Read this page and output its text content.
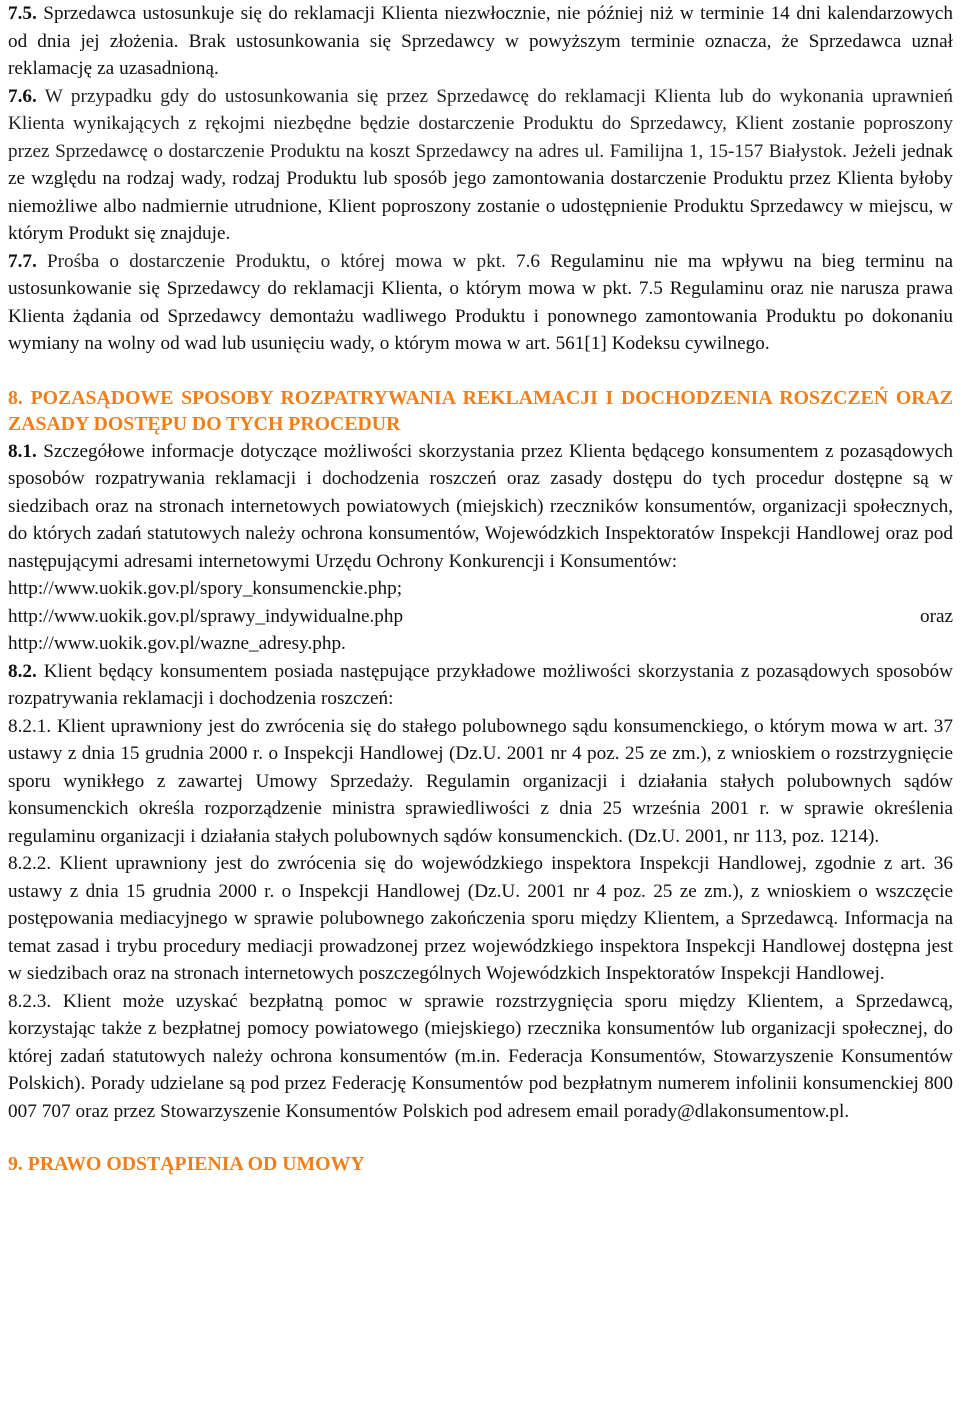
7.5. Sprzedawca ustosunkuje się do reklamacji Klienta niezwłocznie, nie później niż w terminie 14 dni kalendarzowych od dnia jej złożenia. Brak ustosunkowania się Sprzedawcy w powyższym terminie oznacza, że Sprzedawca uznał reklamację za uzasadnioną.

7.6. W przypadku gdy do ustosunkowania się przez Sprzedawcę do reklamacji Klienta lub do wykonania uprawnień Klienta wynikających z rękojmi niezbędne będzie dostarczenie Produktu do Sprzedawcy, Klient zostanie poproszony przez Sprzedawcę o dostarczenie Produktu na koszt Sprzedawcy na adres ul. Familijna 1, 15-157 Białystok. Jeżeli jednak ze względu na rodzaj wady, rodzaj Produktu lub sposób jego zamontowania dostarczenie Produktu przez Klienta byłoby niemożliwe albo nadmiernie utrudnione, Klient poproszony zostanie o udostępnienie Produktu Sprzedawcy w miejscu, w którym Produkt się znajduje.

7.7. Prośba o dostarczenie Produktu, o której mowa w pkt. 7.6 Regulaminu nie ma wpływu na bieg terminu na ustosunkowanie się Sprzedawcy do reklamacji Klienta, o którym mowa w pkt. 7.5 Regulaminu oraz nie narusza prawa Klienta żądania od Sprzedawcy demontażu wadliwego Produktu i ponownego zamontowania Produktu po dokonaniu wymiany na wolny od wad lub usunięciu wady, o którym mowa w art. 561[1] Kodeksu cywilnego.

8. POZASĄDOWE SPOSOBY ROZPATRYWANIA REKLAMACJI I DOCHODZENIA ROSZCZEŃ ORAZ ZASADY DOSTĘPU DO TYCH PROCEDUR

8.1. Szczegółowe informacje dotyczące możliwości skorzystania przez Klienta będącego konsumentem z pozasądowych sposobów rozpatrywania reklamacji i dochodzenia roszczeń oraz zasady dostępu do tych procedur dostępne są w siedzibach oraz na stronach internetowych powiatowych (miejskich) rzeczników konsumentów, organizacji społecznych, do których zadań statutowych należy ochrona konsumentów, Wojewódzkich Inspektoratów Inspekcji Handlowej oraz pod następującymi adresami internetowymi Urzędu Ochrony Konkurencji i Konsumentów:

http://www.uokik.gov.pl/spory_konsumenckie.php;
http://www.uokik.gov.pl/sprawy_indywidualne.php	oraz
http://www.uokik.gov.pl/wazne_adresy.php.

8.2. Klient będący konsumentem posiada następujące przykładowe możliwości skorzystania z pozasądowych sposobów rozpatrywania reklamacji i dochodzenia roszczeń:

8.2.1. Klient uprawniony jest do zwrócenia się do stałego polubownego sądu konsumenckiego, o którym mowa w art. 37 ustawy z dnia 15 grudnia 2000 r. o Inspekcji Handlowej (Dz.U. 2001 nr 4 poz. 25 ze zm.), z wnioskiem o rozstrzygnięcie sporu wynikłego z zawartej Umowy Sprzedaży. Regulamin organizacji i działania stałych polubownych sądów konsumenckich określa rozporządzenie ministra sprawiedliwości z dnia 25 września 2001 r. w sprawie określenia regulaminu organizacji i działania stałych polubownych sądów konsumenckich. (Dz.U. 2001, nr 113, poz. 1214).

8.2.2. Klient uprawniony jest do zwrócenia się do wojewódzkiego inspektora Inspekcji Handlowej, zgodnie z art. 36 ustawy z dnia 15 grudnia 2000 r. o Inspekcji Handlowej (Dz.U. 2001 nr 4 poz. 25 ze zm.), z wnioskiem o wszczęcie postępowania mediacyjnego w sprawie polubownego zakończenia sporu między Klientem, a Sprzedawcą. Informacja na temat zasad i trybu procedury mediacji prowadzonej przez wojewódzkiego inspektora Inspekcji Handlowej dostępna jest w siedzibach oraz na stronach internetowych poszczególnych Wojewódzkich Inspektoratów Inspekcji Handlowej.

8.2.3. Klient może uzyskać bezpłatną pomoc w sprawie rozstrzygnięcia sporu między Klientem, a Sprzedawcą, korzystając także z bezpłatnej pomocy powiatowego (miejskiego) rzecznika konsumentów lub organizacji społecznej, do której zadań statutowych należy ochrona konsumentów (m.in. Federacja Konsumentów, Stowarzyszenie Konsumentów Polskich). Porady udzielane są pod przez Federację Konsumentów pod bezpłatnym numerem infolinii konsumenckiej 800 007 707 oraz przez Stowarzyszenie Konsumentów Polskich pod adresem email porady@dlakonsumentow.pl.

9. PRAWO ODSTĄPIENIA OD UMOWY
